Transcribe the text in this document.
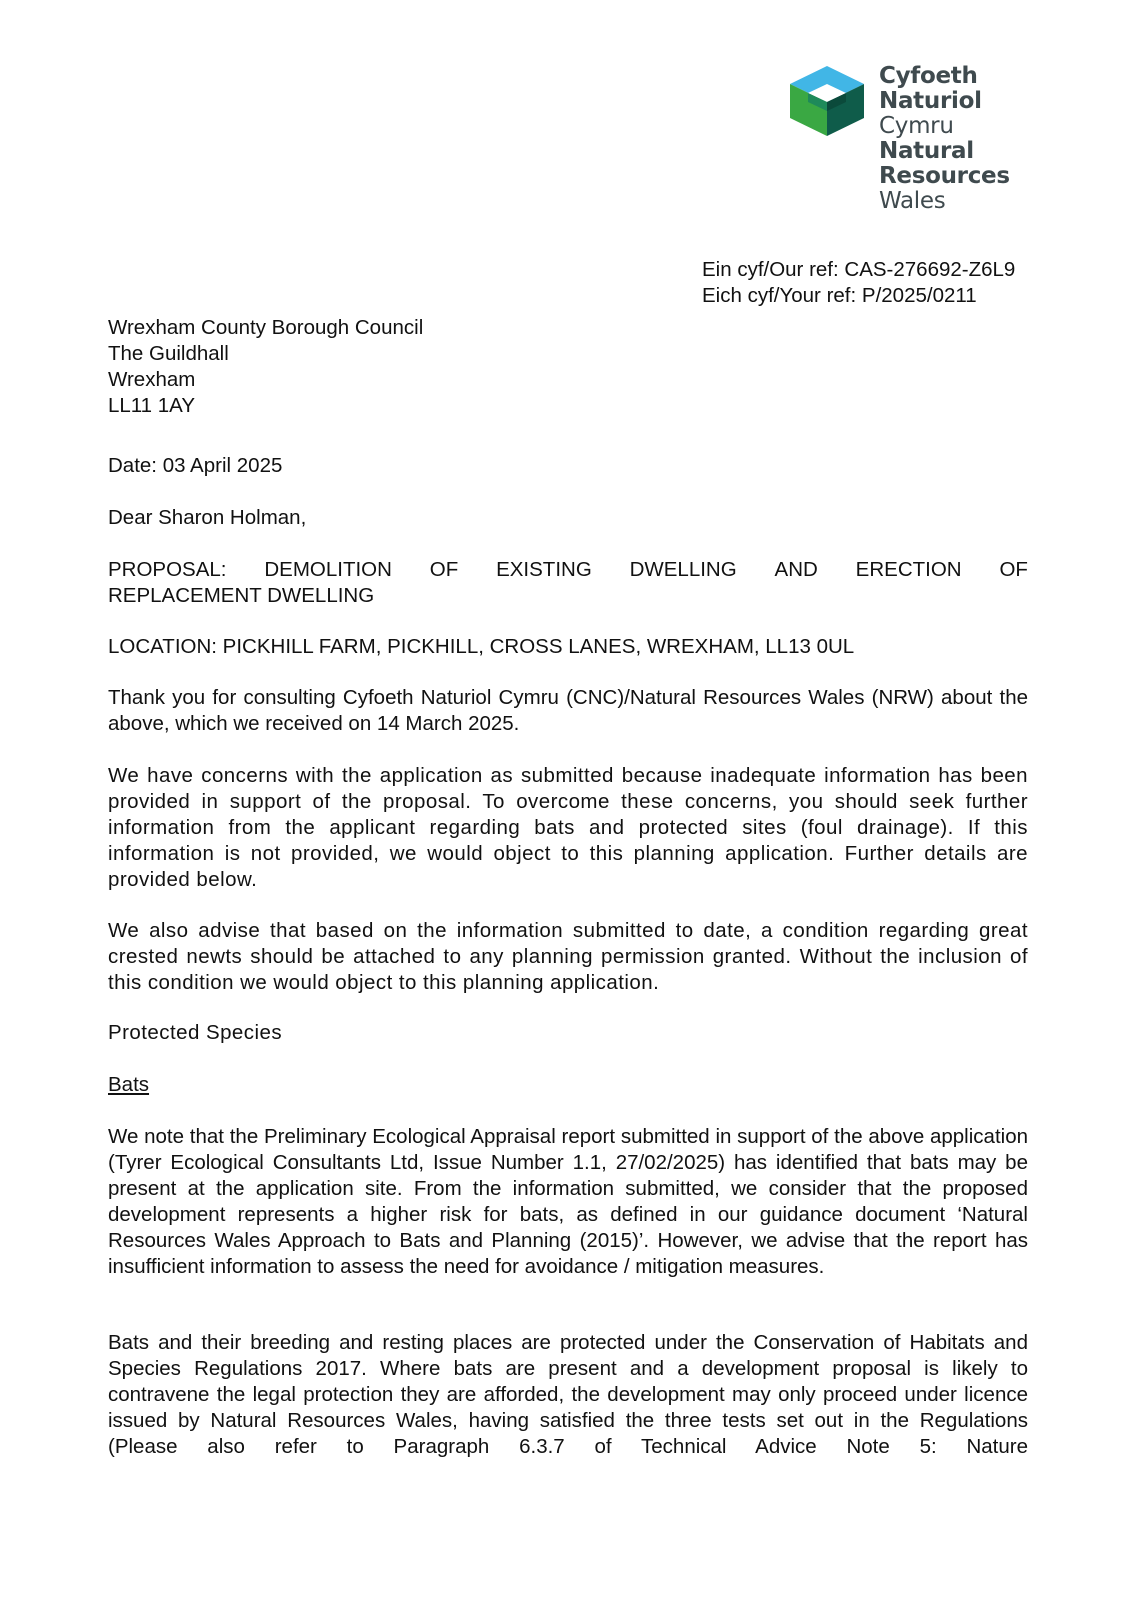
Cyfoeth
Naturiol
Cymru
Natural
Resources
Wales
Ein cyf/Our ref: CAS-276692-Z6L9
Eich cyf/Your ref: P/2025/0211
Wrexham County Borough Council
The Guildhall
Wrexham
LL11 1AY
Date: 03 April 2025
Dear Sharon Holman,
PROPOSAL: DEMOLITION OF EXISTING DWELLING AND ERECTION OF
REPLACEMENT DWELLING
LOCATION: PICKHILL FARM, PICKHILL, CROSS LANES, WREXHAM, LL13 0UL
Thank you for consulting Cyfoeth Naturiol Cymru (CNC)/Natural Resources Wales (NRW) about the above, which we received on 14 March 2025.
We have concerns with the application as submitted because inadequate information has been provided in support of the proposal. To overcome these concerns, you should seek further information from the applicant regarding bats and protected sites (foul drainage). If this information is not provided, we would object to this planning application. Further details are provided below.
We also advise that based on the information submitted to date, a condition regarding great crested newts should be attached to any planning permission granted. Without the inclusion of this condition we would object to this planning application.
Protected Species
Bats
We note that the Preliminary Ecological Appraisal report submitted in support of the above application (Tyrer Ecological Consultants Ltd, Issue Number 1.1, 27/02/2025) has identified that bats may be present at the application site. From the information submitted, we consider that the proposed development represents a higher risk for bats, as defined in our guidance document ‘Natural Resources Wales Approach to Bats and Planning (2015)’. However, we advise that the report has insufficient information to assess the need for avoidance / mitigation measures.
Bats and their breeding and resting places are protected under the Conservation of Habitats and Species Regulations 2017. Where bats are present and a development proposal is likely to contravene the legal protection they are afforded, the development may only proceed under licence issued by Natural Resources Wales, having satisfied the three tests set out in the Regulations (Please also refer to Paragraph 6.3.7 of Technical Advice Note 5: Nature
